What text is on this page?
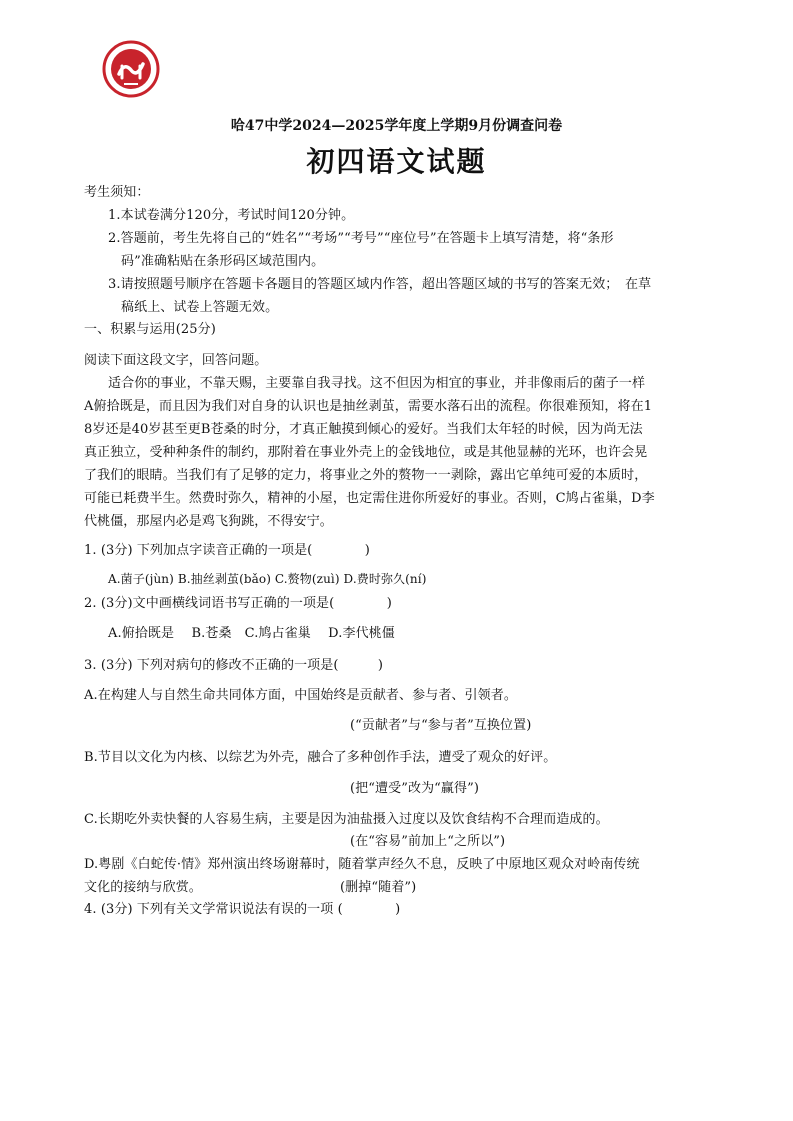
哈47中学2024—2025学年度上学期9月份调查问卷
初四语文试题
考生须知：
1.本试卷满分120分，考试时间120分钟。
2.答题前，考生先将自己的“姓名”“考场”“考号”“座位号”在答题卡上填写清楚，将“条形
码”准确粘贴在条形码区域范围内。
3.请按照题号顺序在答题卡各题目的答题区域内作答，超出答题区域的书写的答案无效；　在草
稿纸上、试卷上答题无效。
一、积累与运用(25分)
阅读下面这段文字，回答问题。
适合你的事业，不靠天赐，主要靠自我寻找。这不但因为相宜的事业，并非像雨后的菌子一样
A俯拾既是，而且因为我们对自身的认识也是抽丝剥茧，需要水落石出的流程。你很难预知，将在1
8岁还是40岁甚至更B苍桑的时分，才真正触摸到倾心的爱好。当我们太年轻的时候，因为尚无法
真正独立，受种种条件的制约，那附着在事业外壳上的金钱地位，或是其他显赫的光环，也许会晃
了我们的眼睛。当我们有了足够的定力，将事业之外的赘物一一剥除，露出它单纯可爱的本质时，
可能已耗费半生。然费时弥久，精神的小屋，也定需住进你所爱好的事业。否则，C鸠占雀巢，D李
代桃僵，那屋内必是鸡飞狗跳，不得安宁。
1. (3分) 下列加点字读音正确的一项是(　　　　)
A.菌子(jùn) B.抽丝剥茧(bǎo) C.赘物(zuì) D.费时弥久(ní)
2. (3分)文中画横线词语书写正确的一项是(　　　　)
A.俯拾既是　 B.苍桑　C.鸠占雀巢　 D.李代桃僵
3. (3分) 下列对病句的修改不正确的一项是(　　　)
A.在构建人与自然生命共同体方面，中国始终是贡献者、参与者、引领者。
(“贡献者”与“参与者”互换位置)
B.节目以文化为内核、以综艺为外壳，融合了多种创作手法，遭受了观众的好评。
(把“遭受”改为“赢得”)
C.长期吃外卖快餐的人容易生病，主要是因为油盐摄入过度以及饮食结构不合理而造成的。
(在“容易”前加上“之所以”)
D.粤剧《白蛇传·情》郑州演出终场谢幕时，随着掌声经久不息，反映了中原地区观众对岭南传统
文化的接纳与欣赏。	(删掉“随着”)
4. (3分) 下列有关文学常识说法有误的一项 (　　　　)
